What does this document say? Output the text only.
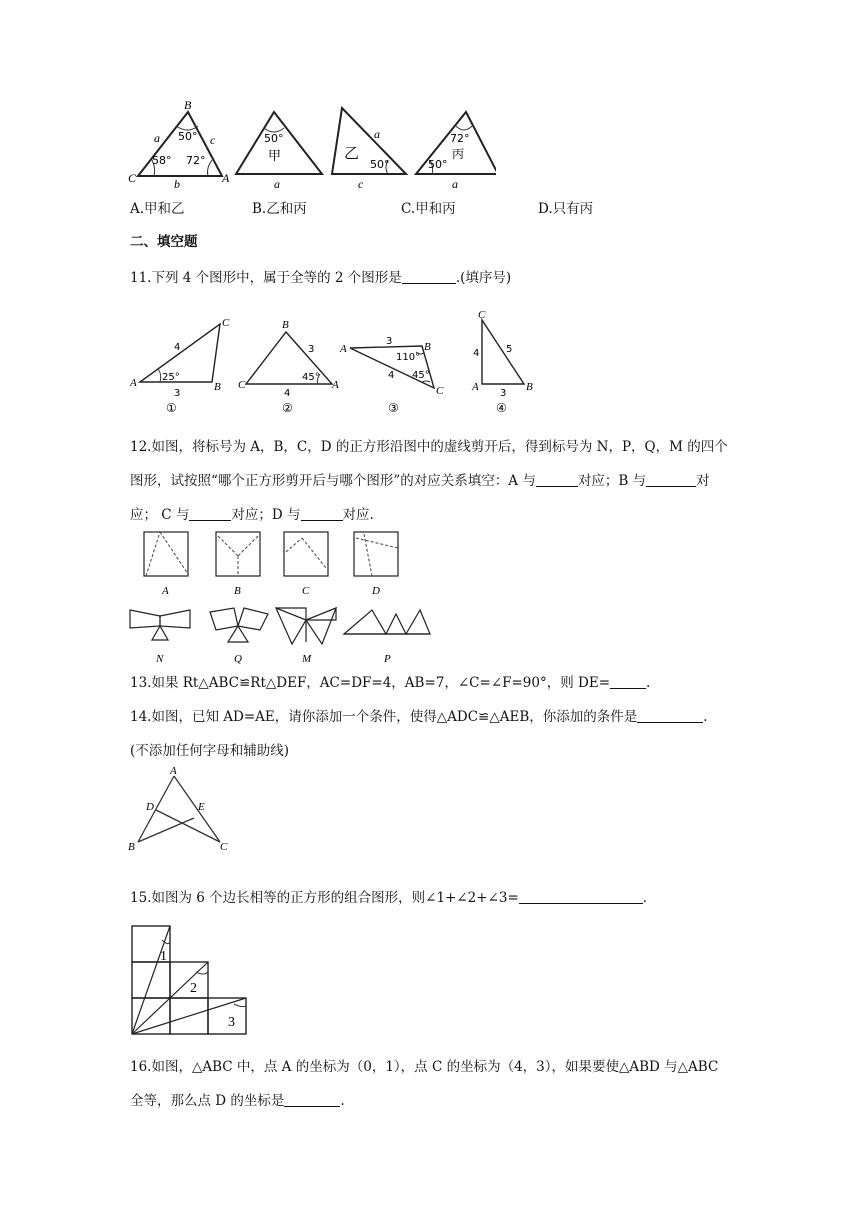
B
C	A
a	c
b
50°
58° 72°
50°
甲
a
乙
a
50°
c
72°
丙
50°
a
A.甲和乙	B.乙和丙	C.甲和丙	D.只有丙
二、填空题
11.下列 4 个图形中，属于全等的 2 个图形是	.(填序号)
C
A	B
4
3
25°
①
B
C	A
3
4
45°
②
A	B
C
3
4
110°
45°
③
C
A	B
4	5
3
④
12.如图，将标号为 A，B，C，D 的正方形沿图中的虚线剪开后，得到标号为 N，P，Q，M 的四个
图形，试按照“哪个正方形剪开后与哪个图形”的对应关系填空：A 与	对应；B 与	对
应； C 与	对应；D 与	对应.
A	B	C	D
N	Q	M	P
13.如果 Rt△ABC≌Rt△DEF，AC=DF=4，AB=7，∠C=∠F=90°，则 DE=	.
14.如图，已知 AD=AE，请你添加一个条件，使得△ADC≌△AEB，你添加的条件是	.
(不添加任何字母和辅助线)
A
D	E
B	C
15.如图为 6 个边长相等的正方形的组合图形，则∠1+∠2+∠3=	.
1
2
3
16.如图，△ABC 中，点 A 的坐标为（0，1），点 C 的坐标为（4，3），如果要使△ABD 与△ABC
全等，那么点 D 的坐标是	.
